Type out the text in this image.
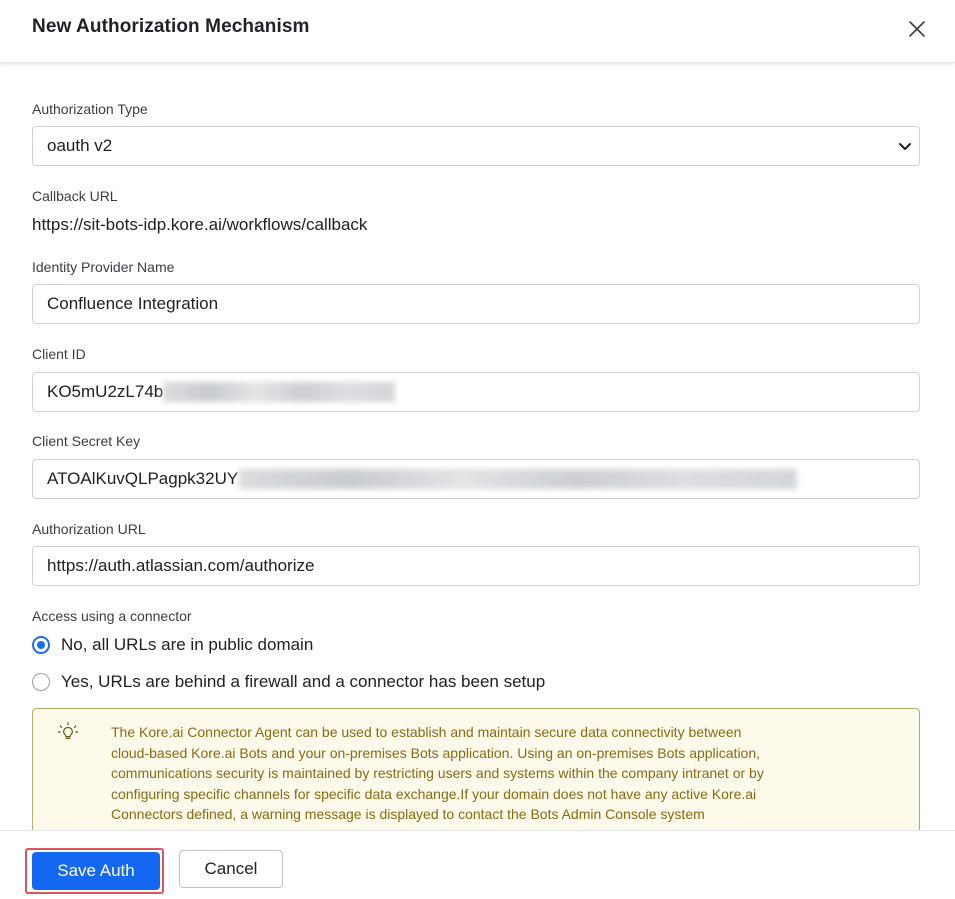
New Authorization Mechanism
Authorization Type
oauth v2
Callback URL
https://sit-bots-idp.kore.ai/workflows/callback
Identity Provider Name
Confluence Integration
Client ID
KO5mU2zL74b
Client Secret Key
ATOAlKuvQLPagpk32UY
Authorization URL
https://auth.atlassian.com/authorize
Access using a connector
No, all URLs are in public domain
Yes, URLs are behind a firewall and a connector has been setup
The Kore.ai Connector Agent can be used to establish and maintain secure data connectivity between
cloud-based Kore.ai Bots and your on-premises Bots application. Using an on-premises Bots application,
communications security is maintained by restricting users and systems within the company intranet or by
configuring specific channels for specific data exchange.If your domain does not have any active Kore.ai
Connectors defined, a warning message is displayed to contact the Bots Admin Console system
Save Auth	Cancel
